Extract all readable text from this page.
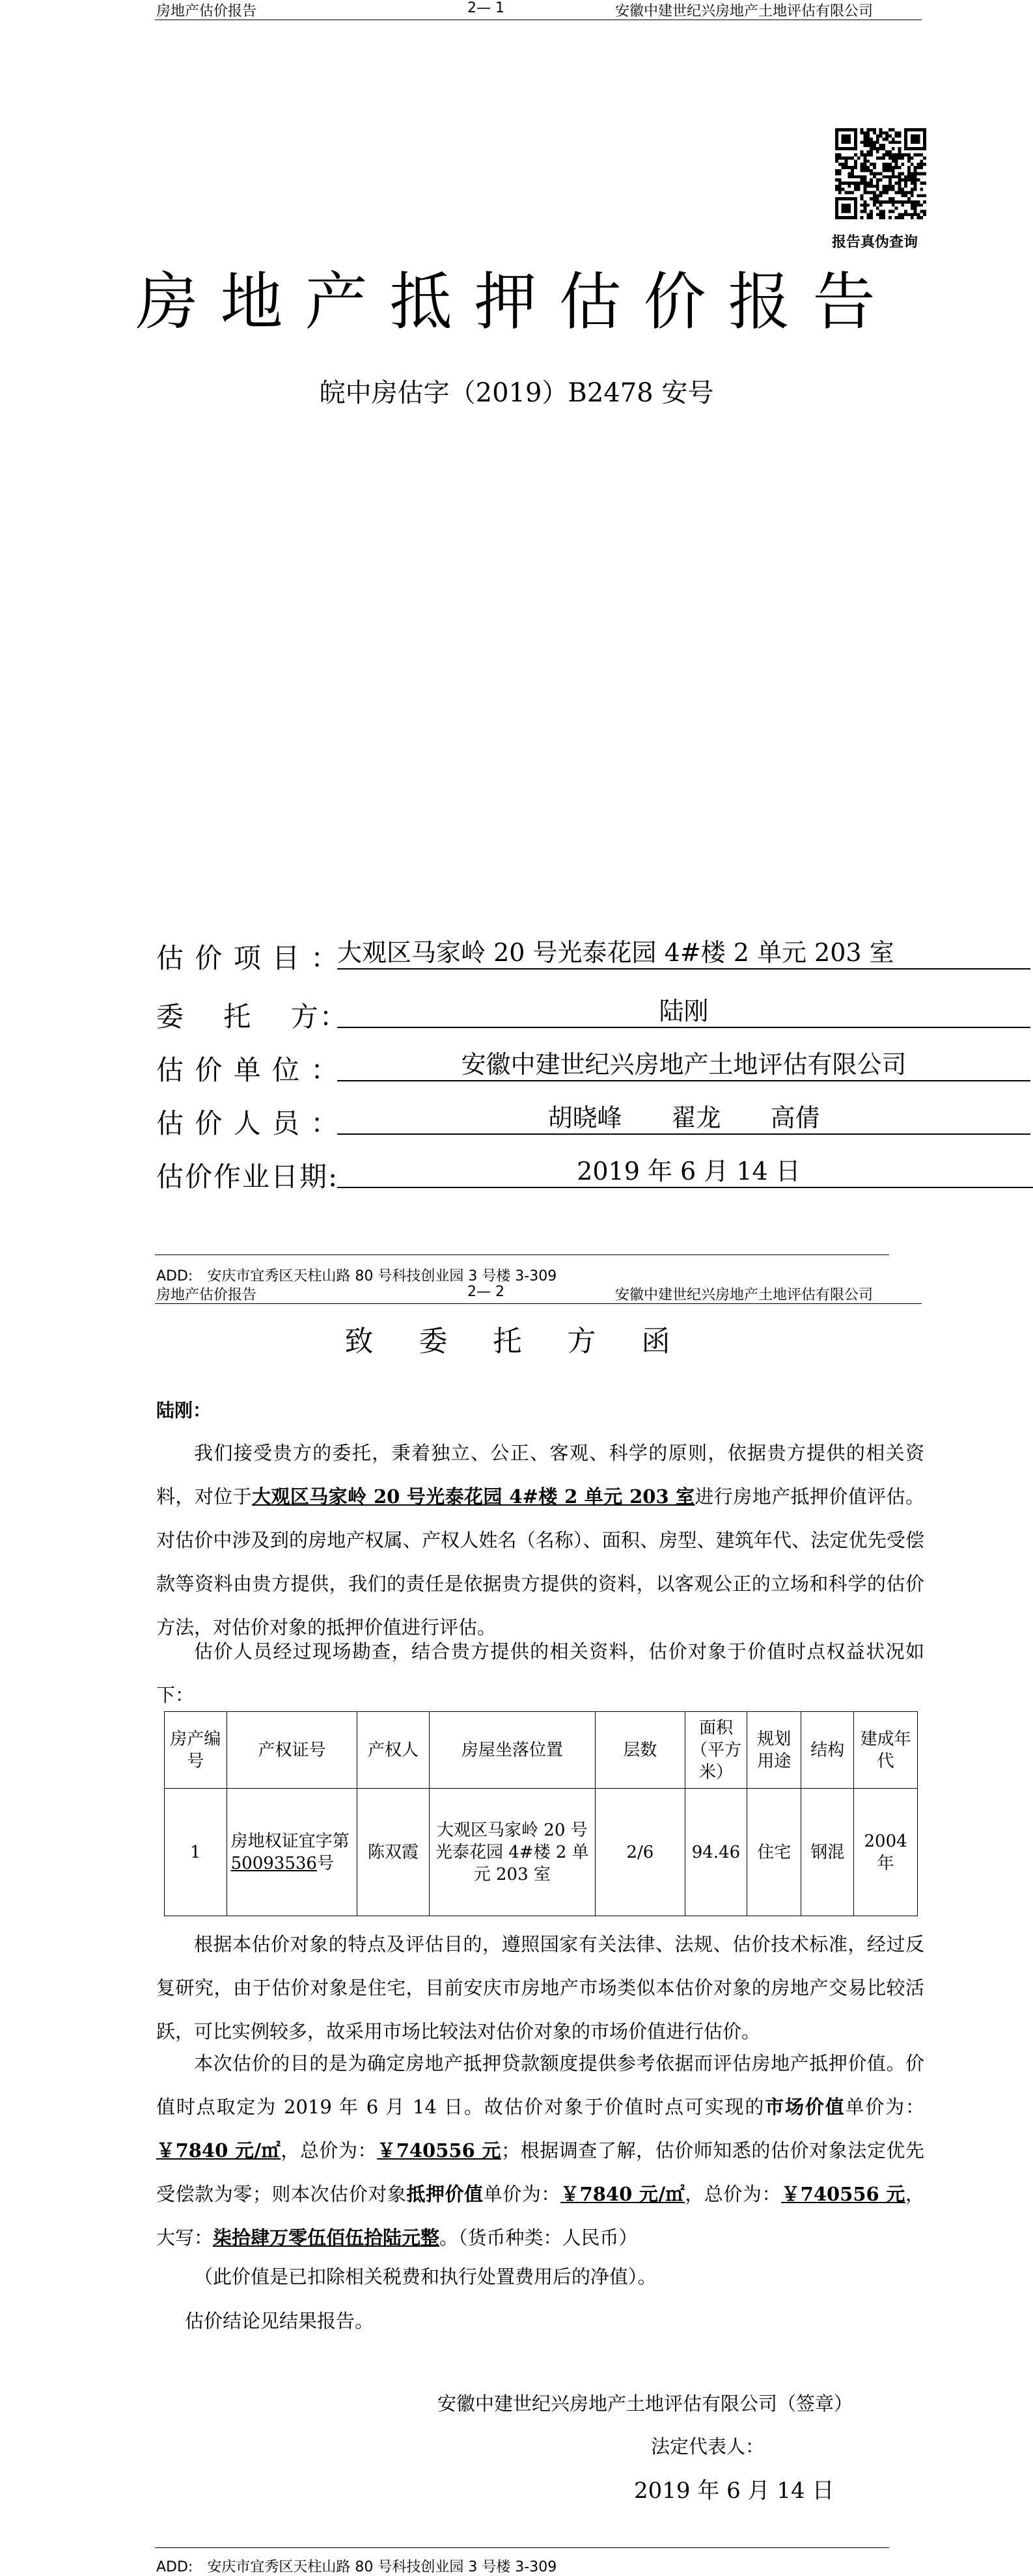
房地产估价报告	2— 1	安徽中建世纪兴房地产土地评估有限公司
报告真伪查询
房地产抵押估价报告
皖中房估字（2019）B2478 安号
估 价 项 目 ：
大观区马家岭 20 号光泰花园 4#楼 2 单元 203 室
委　 托　 方：	陆刚
估 价 单 位 ：	安徽中建世纪兴房地产土地评估有限公司
估 价 人 员 ：	胡晓峰　　翟龙　　高倩
估价作业日期:	2019 年 6 月 14 日
ADD:　安庆市宜秀区天柱山路 80 号科技创业园 3 号楼 3-309
房地产估价报告	2— 2	安徽中建世纪兴房地产土地评估有限公司
致 委 托 方 函
陆刚：
我们接受贵方的委托，秉着独立、公正、客观、科学的原则，依据贵方提供的相关资料，对位于大观区马家岭 20 号光泰花园 4#楼 2 单元 203 室进行房地产抵押价值评估。对估价中涉及到的房地产权属、产权人姓名（名称）、面积、房型、建筑年代、法定优先受偿款等资料由贵方提供，我们的责任是依据贵方提供的资料，以客观公正的立场和科学的估价方法，对估价对象的抵押价值进行评估。
估价人员经过现场勘查，结合贵方提供的相关资料，估价对象于价值时点权益状况如下：
房产编号	产权证号	产权人	房屋坐落位置	层数	面积（平方米）	规划用途	结构	建成年代
1	房地权证宜字第50093536号	陈双霞	大观区马家岭 20 号光泰花园 4#楼 2 单元 203 室	2/6	94.46	住宅	钢混	2004 年
根据本估价对象的特点及评估目的，遵照国家有关法律、法规、估价技术标准，经过反复研究，由于估价对象是住宅，目前安庆市房地产市场类似本估价对象的房地产交易比较活跃，可比实例较多，故采用市场比较法对估价对象的市场价值进行估价。
本次估价的目的是为确定房地产抵押贷款额度提供参考依据而评估房地产抵押价值。价值时点取定为 2019 年 6 月 14 日。故估价对象于价值时点可实现的市场价值单价为：￥7840 元/㎡，总价为：￥740556 元；根据调查了解，估价师知悉的估价对象法定优先受偿款为零；则本次估价对象抵押价值单价为：￥7840 元/㎡，总价为：￥740556 元，大写：柒拾肆万零伍佰伍拾陆元整。（货币种类：人民币）
（此价值是已扣除相关税费和执行处置费用后的净值）。
估价结论见结果报告。
安徽中建世纪兴房地产土地评估有限公司（签章）
法定代表人：
2019 年 6 月 14 日
ADD:　安庆市宜秀区天柱山路 80 号科技创业园 3 号楼 3-309
